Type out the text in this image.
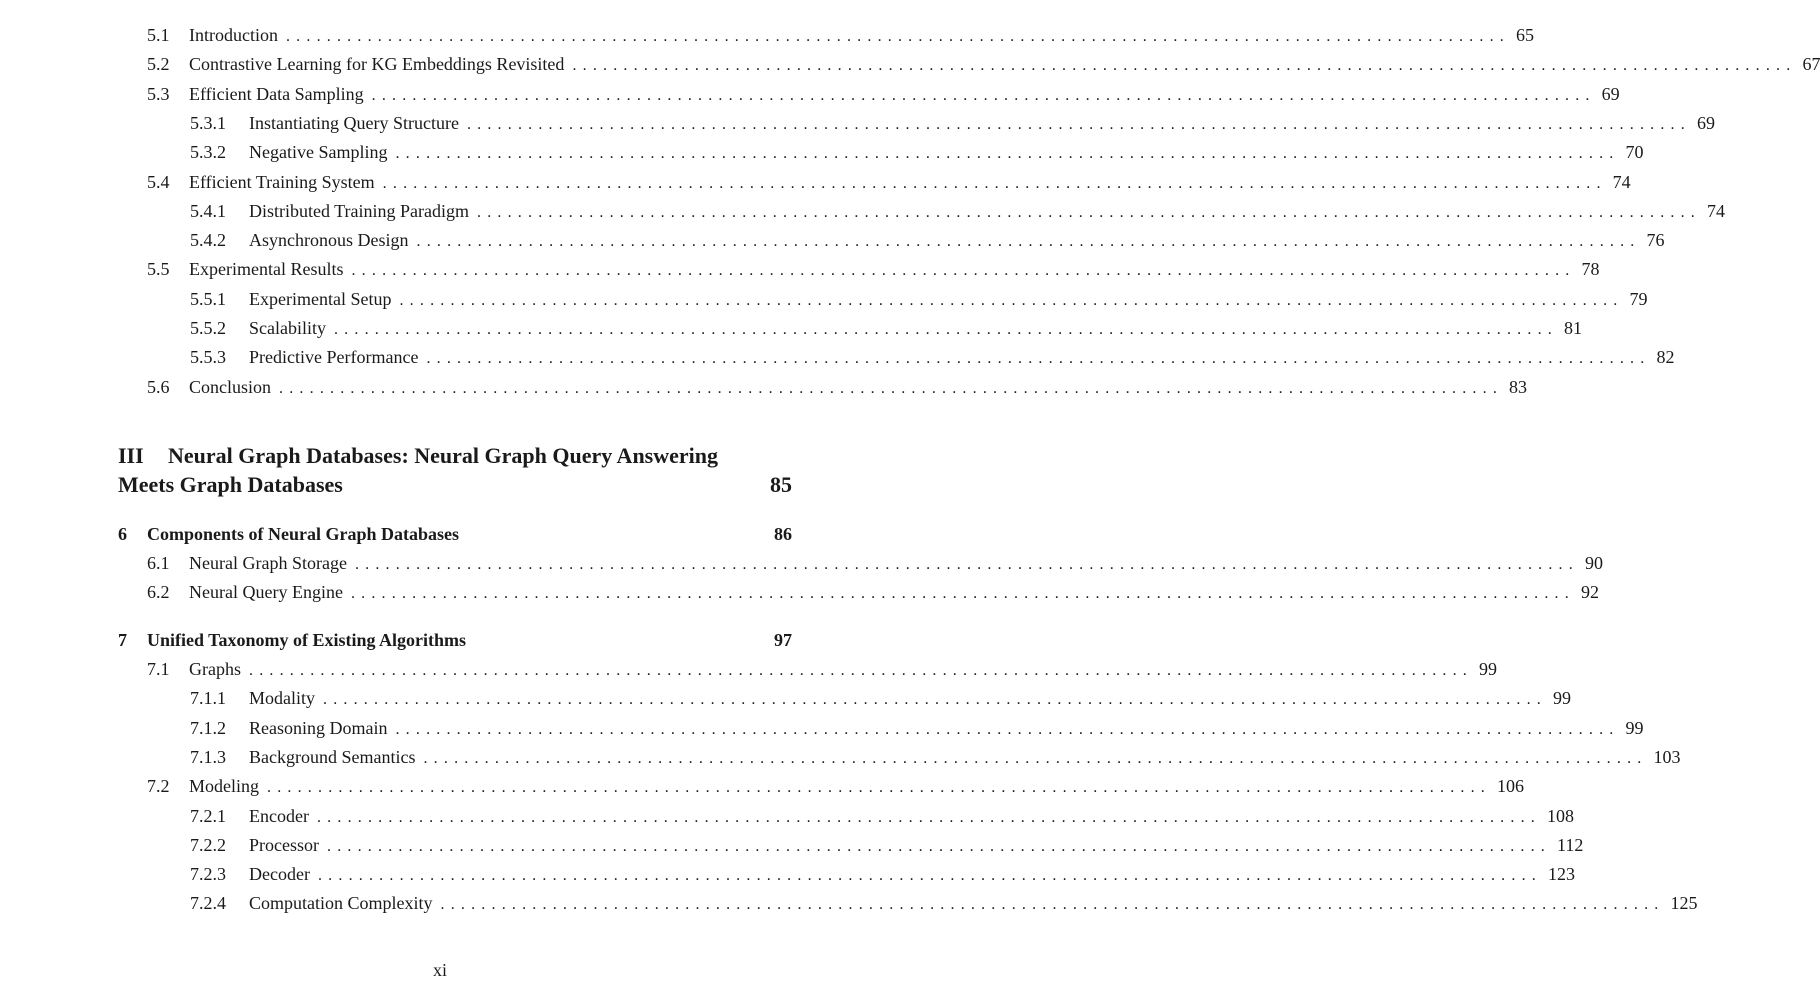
5.1	Introduction ........................................................................................................................ 65
5.2	Contrastive Learning for KG Embeddings Revisited ........................................................................................................................ 67
5.3	Efficient Data Sampling ........................................................................................................................ 69
5.3.1	Instantiating Query Structure ........................................................................................................................ 69
5.3.2	Negative Sampling ........................................................................................................................ 70
5.4	Efficient Training System ........................................................................................................................ 74
5.4.1	Distributed Training Paradigm ........................................................................................................................ 74
5.4.2	Asynchronous Design ........................................................................................................................ 76
5.5	Experimental Results ........................................................................................................................ 78
5.5.1	Experimental Setup ........................................................................................................................ 79
5.5.2	Scalability ........................................................................................................................ 81
5.5.3	Predictive Performance ........................................................................................................................ 82
5.6	Conclusion ........................................................................................................................ 83
III	Neural Graph Databases: Neural Graph Query Answering
Meets Graph Databases	85
6	Components of Neural Graph Databases	86
6.1	Neural Graph Storage ........................................................................................................................ 90
6.2	Neural Query Engine ........................................................................................................................ 92
7	Unified Taxonomy of Existing Algorithms	97
7.1	Graphs ........................................................................................................................ 99
7.1.1	Modality ........................................................................................................................ 99
7.1.2	Reasoning Domain ........................................................................................................................ 99
7.1.3	Background Semantics ........................................................................................................................ 103
7.2	Modeling ........................................................................................................................ 106
7.2.1	Encoder ........................................................................................................................ 108
7.2.2	Processor ........................................................................................................................ 112
7.2.3	Decoder ........................................................................................................................ 123
7.2.4	Computation Complexity ........................................................................................................................ 125
xi
